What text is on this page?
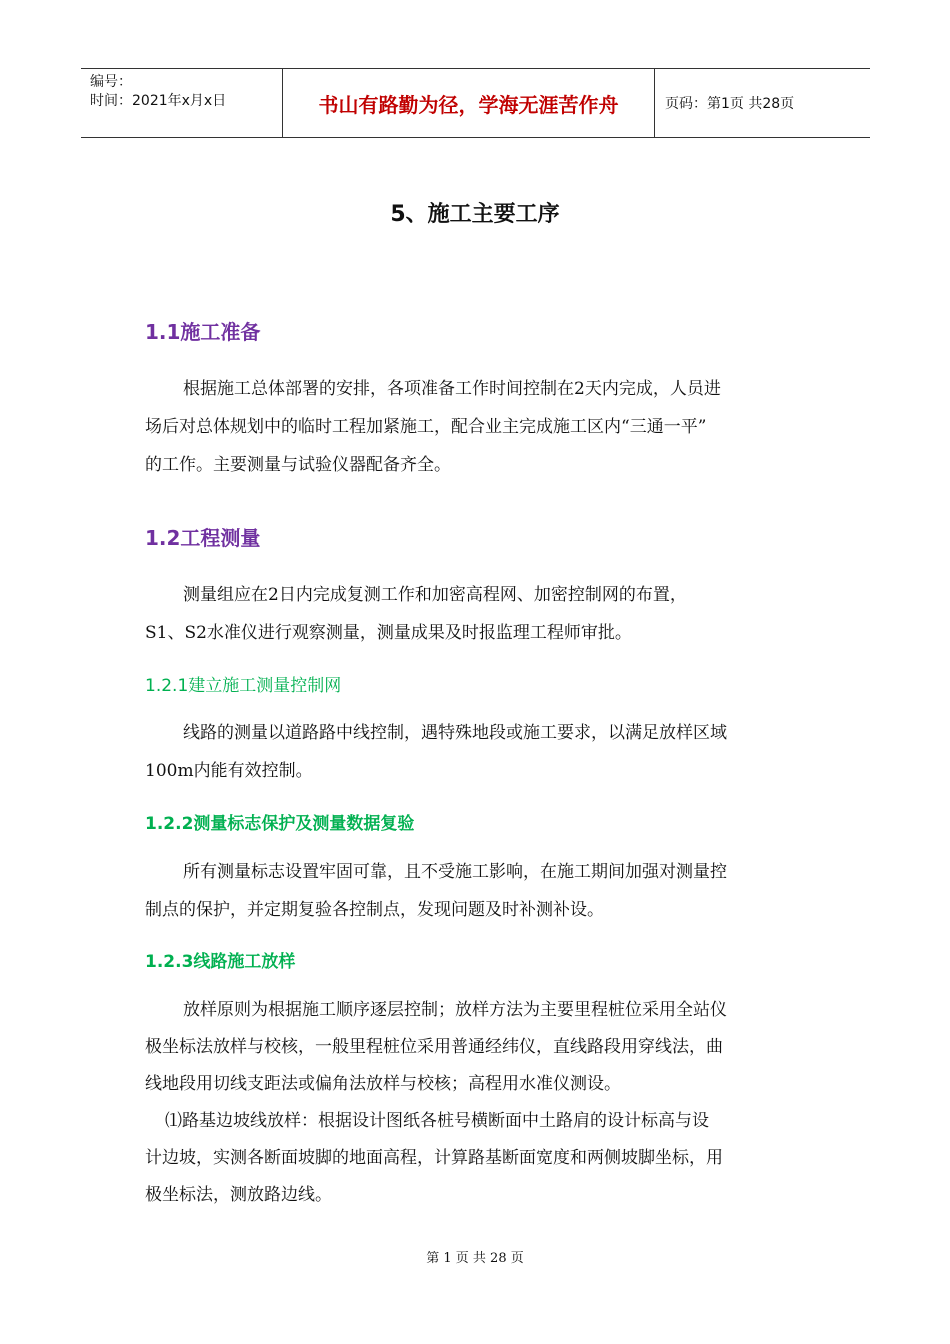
编号：
时间：2021年x月x日	书山有路勤为径，学海无涯苦作舟	页码：第1页 共28页
5、施工主要工序
1.1施工准备

根据施工总体部署的安排，各项准备工作时间控制在2天内完成，人员进
场后对总体规划中的临时工程加紧施工，配合业主完成施工区内“三通一平”
的工作。主要测量与试验仪器配备齐全。

1.2工程测量

测量组应在2日内完成复测工作和加密高程网、加密控制网的布置，
S1、S2水准仪进行观察测量，测量成果及时报监理工程师审批。

1.2.1建立施工测量控制网

线路的测量以道路路中线控制，遇特殊地段或施工要求，以满足放样区域
100m内能有效控制。

1.2.2测量标志保护及测量数据复验

所有测量标志设置牢固可靠，且不受施工影响，在施工期间加强对测量控
制点的保护，并定期复验各控制点，发现问题及时补测补设。

1.2.3线路施工放样

放样原则为根据施工顺序逐层控制；放样方法为主要里程桩位采用全站仪
极坐标法放样与校核，一般里程桩位采用普通经纬仪，直线路段用穿线法，曲
线地段用切线支距法或偏角法放样与校核；高程用水准仪测设。

⑴路基边坡线放样：根据设计图纸各桩号横断面中土路肩的设计标高与设
计边坡，实测各断面坡脚的地面高程，计算路基断面宽度和两侧坡脚坐标，用
极坐标法，测放路边线。

第 1 页 共 28 页
